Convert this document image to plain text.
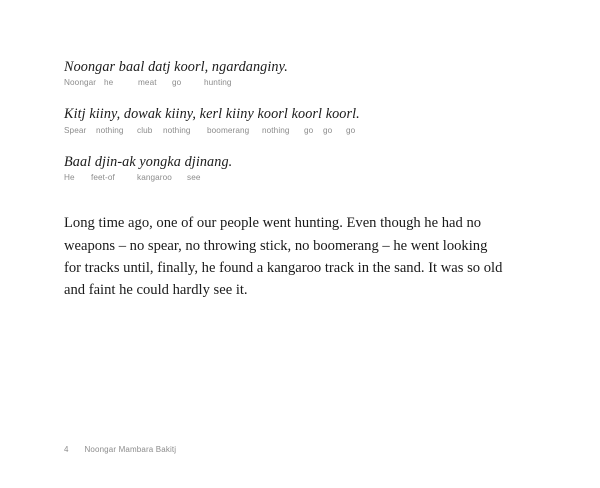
Noongar baal datj koorl, ngardanginy.
Noongar he	meat go	hunting
Kitj kiiny, dowak kiiny, kerl kiiny koorl koorl koorl.
Spear nothing club nothing boomerang nothing go go go
Baal djin-ak yongka djinang.
He feet-of	kangaroo see

Long time ago, one of our people went hunting. Even though he had no weapons – no spear, no throwing stick, no boomerang – he went looking for tracks until, finally, he found a kangaroo track in the sand. It was so old and faint he could hardly see it.

4 Noongar Mambara Bakitj
